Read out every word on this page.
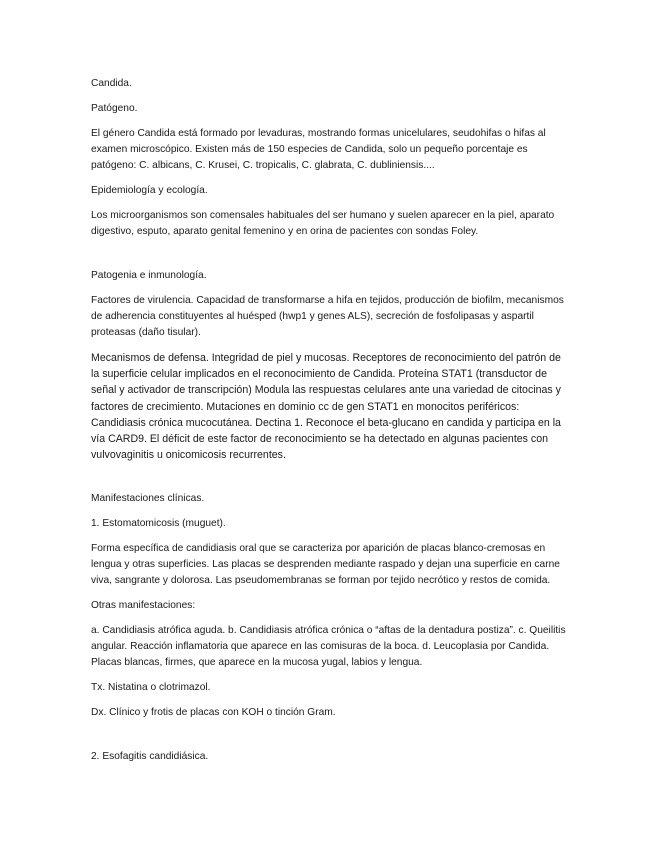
Candida.

Patógeno.

El género Candida está formado por levaduras, mostrando formas unicelulares, seudohifas o hifas al examen microscópico. Existen más de 150 especies de Candida, solo un pequeño porcentaje es patógeno: C. albicans, C. Krusei, C. tropicalis, C. glabrata, C. dubliniensis....

Epidemiología y ecología.

Los microorganismos son comensales habituales del ser humano y suelen aparecer en la piel, aparato digestivo, esputo, aparato genital femenino y en orina de pacientes con sondas Foley.

Patogenia e inmunología.

Factores de virulencia. Capacidad de transformarse a hifa en tejidos, producción de biofilm, mecanismos de adherencia constituyentes al huésped (hwp1 y genes ALS), secreción de fosfolipasas y aspartil proteasas (daño tisular).

Mecanismos de defensa. Integridad de piel y mucosas. Receptores de reconocimiento del patrón de la superficie celular implicados en el reconocimiento de Candida. Proteína STAT1 (transductor de señal y activador de transcripción) Modula las respuestas celulares ante una variedad de citocinas y factores de crecimiento. Mutaciones en dominio cc de gen STAT1 en monocitos periféricos: Candidiasis crónica mucocutánea. Dectina 1. Reconoce el beta-glucano en candida y participa en la vía CARD9. El déficit de este factor de reconocimiento se ha detectado en algunas pacientes con vulvovaginitis u onicomicosis recurrentes.

Manifestaciones clínicas.

1. Estomatomicosis (muguet).

Forma específica de candidiasis oral que se caracteriza por aparición de placas blanco-cremosas en lengua y otras superficies. Las placas se desprenden mediante raspado y dejan una superficie en carne viva, sangrante y dolorosa. Las pseudomembranas se forman por tejido necrótico y restos de comida.

Otras manifestaciones:

a. Candidiasis atrófica aguda. b. Candidiasis atrófica crónica o “aftas de la dentadura postiza”. c. Queilitis angular. Reacción inflamatoria que aparece en las comisuras de la boca. d. Leucoplasia por Candida. Placas blancas, firmes, que aparece en la mucosa yugal, labios y lengua.

Tx. Nistatina o clotrimazol.

Dx. Clínico y frotis de placas con KOH o tinción Gram.

2. Esofagitis candidiásica.
